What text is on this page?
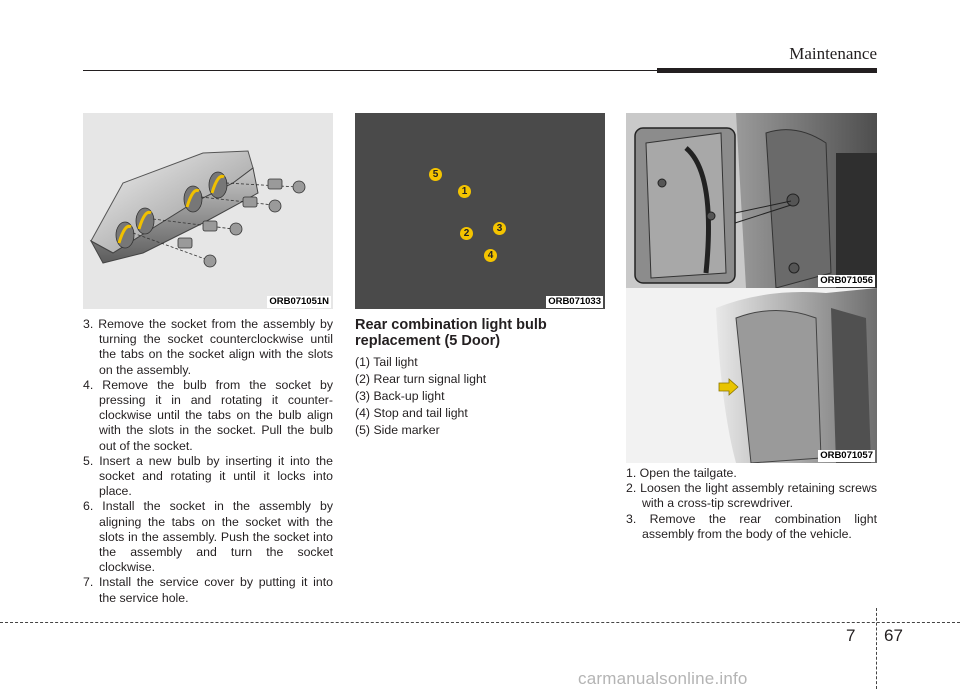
Maintenance
ORB071051N
5
1
2	3
4
ORB071033
ORB071056
ORB071057
3. Remove the socket from the assembly by turning the socket counterclockwise until the tabs on the socket align with the slots on the assembly.
4. Remove the bulb from the socket by pressing it in and rotating it counter-clockwise until the tabs on the bulb align with the slots in the socket. Pull the bulb out of the socket.
5. Insert a new bulb by inserting it into the socket and rotating it until it locks into place.
6. Install the socket in the assembly by aligning the tabs on the socket with the slots in the assembly. Push the socket into the assembly and turn the socket clockwise.
7. Install the service cover by putting it into the service hole.
Rear combination light bulb replacement (5 Door)
(1) Tail light
(2) Rear turn signal light
(3) Back-up light
(4) Stop and tail light
(5) Side marker
1. Open the tailgate.
2. Loosen the light assembly retaining screws with a cross-tip screwdriver.
3. Remove the rear combination light assembly from the body of the vehicle.
7 67
carmanualsonline.info
